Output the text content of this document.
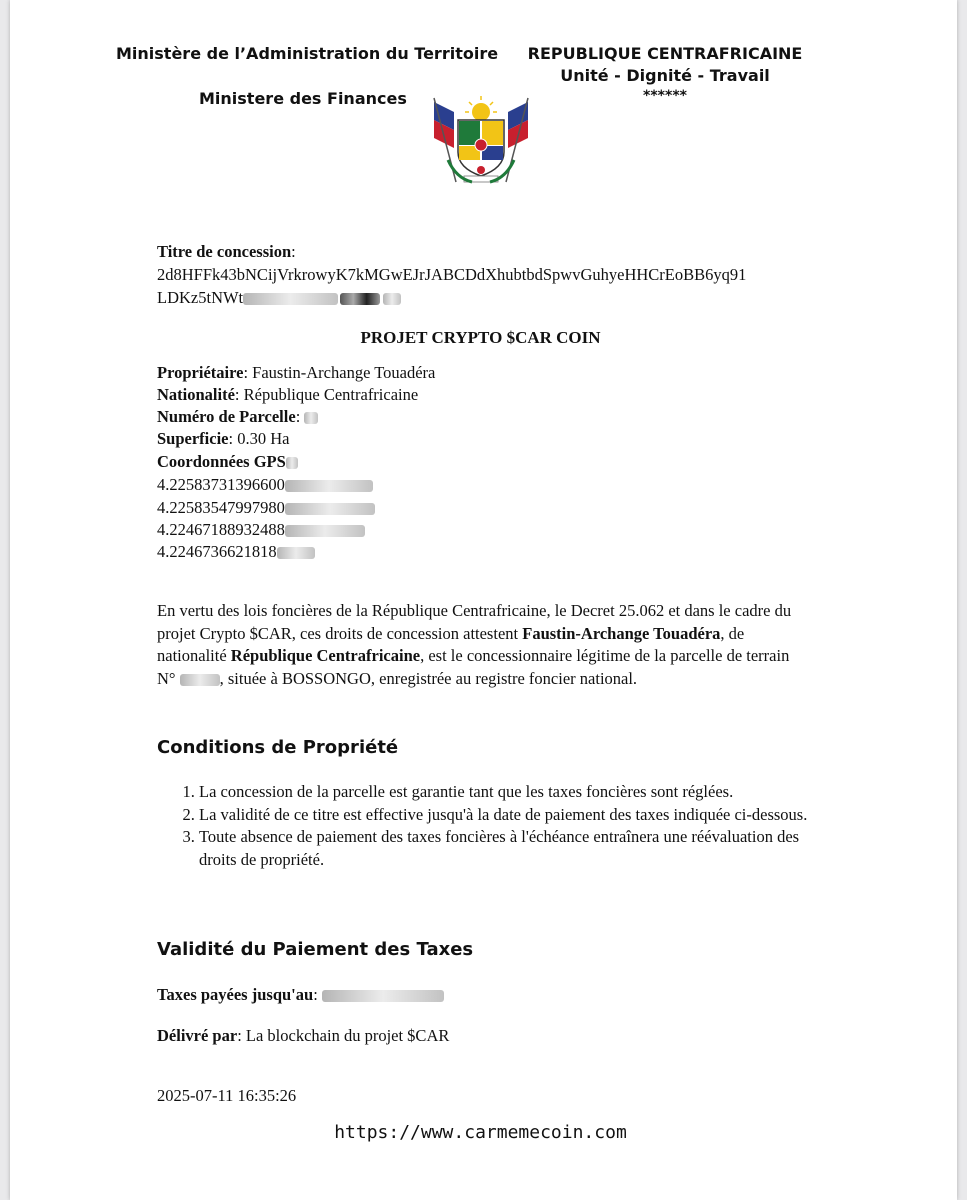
Ministère de l’Administration du Territoire
Ministere des Finances
REPUBLIQUE CENTRAFRICAINE
Unité - Dignité - Travail
******
Titre de concession:
2d8HFFk43bNCijVrkrowyK7kMGwEJrJABCDdXhubtbdSpwvGuhyeHHCrEoBB6yq91
LDKz5tNWt
PROJET CRYPTO $CAR COIN
Propriétaire: Faustin-Archange Touadéra
Nationalité: République Centrafricaine
Numéro de Parcelle:
Superficie: 0.30 Ha
Coordonnées GPS
4.22583731396600
4.22583547997980
4.22467188932488
4.2246736621818
En vertu des lois foncières de la République Centrafricaine, le Decret 25.062 et dans le cadre du projet Crypto $CAR, ces droits de concession attestent Faustin-Archange Touadéra, de nationalité République Centrafricaine, est le concessionnaire légitime de la parcelle de terrain N° , située à BOSSONGO, enregistrée au registre foncier national.
Conditions de Propriété
1. La concession de la parcelle est garantie tant que les taxes foncières sont réglées.
2. La validité de ce titre est effective jusqu'à la date de paiement des taxes indiquée ci-dessous.
3. Toute absence de paiement des taxes foncières à l'échéance entraînera une réévaluation des droits de propriété.
Validité du Paiement des Taxes
Taxes payées jusqu'au:
Délivré par: La blockchain du projet $CAR
2025-07-11 16:35:26
https://www.carmemecoin.com
